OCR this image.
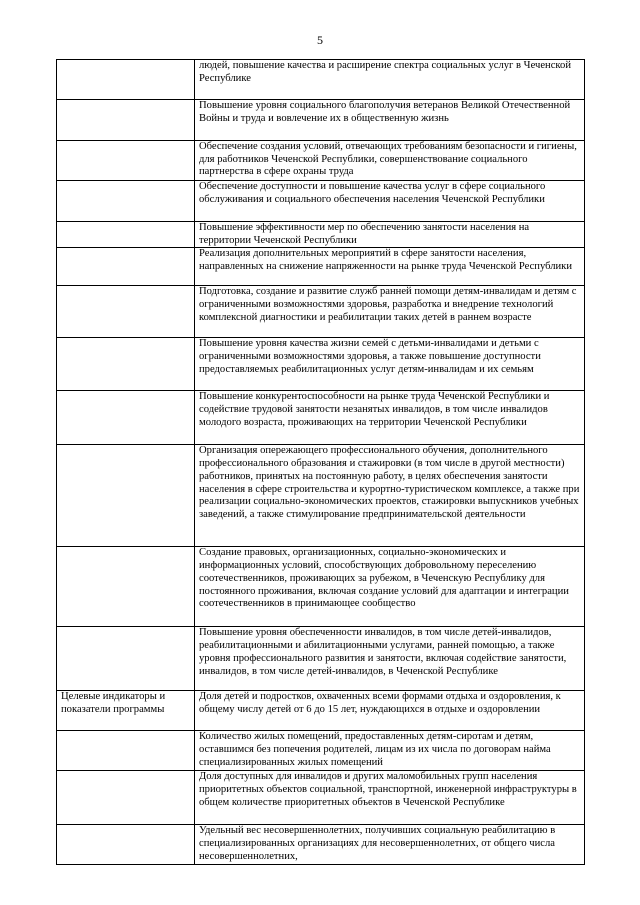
5

	людей, повышение качества и расширение спектра социальных услуг в Чеченской Республике

	Повышение уровня социального благополучия ветеранов Великой Отечественной Войны и труда и вовлечение их в общественную жизнь

	Обеспечение создания условий, отвечающих требованиям безопасности и гигиены, для работников Чеченской Республики, совершенствование социального партнерства в сфере охраны труда

	Обеспечение доступности и повышение качества услуг в сфере социального обслуживания и социального обеспечения населения Чеченской Республики

	Повышение эффективности мер по обеспечению занятости населения на территории Чеченской Республики

	Реализация дополнительных мероприятий в сфере занятости населения, направленных на снижение напряженности на рынке труда Чеченской Республики

	Подготовка, создание и развитие служб ранней помощи детям-инвалидам и детям с ограниченными возможностями здоровья, разработка и внедрение технологий комплексной диагностики и реабилитации таких детей в раннем возрасте

	Повышение уровня качества жизни семей с детьми-инвалидами и детьми с ограниченными возможностями здоровья, а также повышение доступности предоставляемых реабилитационных услуг детям-инвалидам и их семьям

	Повышение конкурентоспособности на рынке труда Чеченской Республики и содействие трудовой занятости незанятых инвалидов, в том числе инвалидов молодого возраста, проживающих на территории Чеченской Республики

	Организация опережающего профессионального обучения, дополнительного профессионального образования и стажировки (в том числе в другой местности) работников, принятых на постоянную работу, в целях обеспечения занятости населения в сфере строительства и курортно-туристическом комплексе, а также при реализации социально-экономических проектов, стажировки выпускников учебных заведений, а также стимулирование предпринимательской деятельности

	Создание правовых, организационных, социально-экономических и информационных условий, способствующих добровольному переселению соотечественников, проживающих за рубежом, в Чеченскую Республику для постоянного проживания, включая создание условий для адаптации и интеграции соотечественников в принимающее сообщество

	Повышение уровня обеспеченности инвалидов, в том числе детей-инвалидов, реабилитационными и абилитационными услугами, ранней помощью, а также уровня профессионального развития и занятости, включая содействие занятости, инвалидов, в том числе детей-инвалидов, в Чеченской Республике

Целевые индикаторы и показатели программы	Доля детей и подростков, охваченных всеми формами отдыха и оздоровления, к общему числу детей от 6 до 15 лет, нуждающихся в отдыхе и оздоровлении

	Количество жилых помещений, предоставленных детям-сиротам и детям, оставшимся без попечения родителей, лицам из их числа по договорам найма специализированных жилых помещений

	Доля доступных для инвалидов и других маломобильных групп населения приоритетных объектов социальной, транспортной, инженерной инфраструктуры в общем количестве приоритетных объектов в Чеченской Республике

	Удельный вес несовершеннолетних, получивших социальную реабилитацию в специализированных организациях для несовершеннолетних, от общего числа несовершеннолетних,
